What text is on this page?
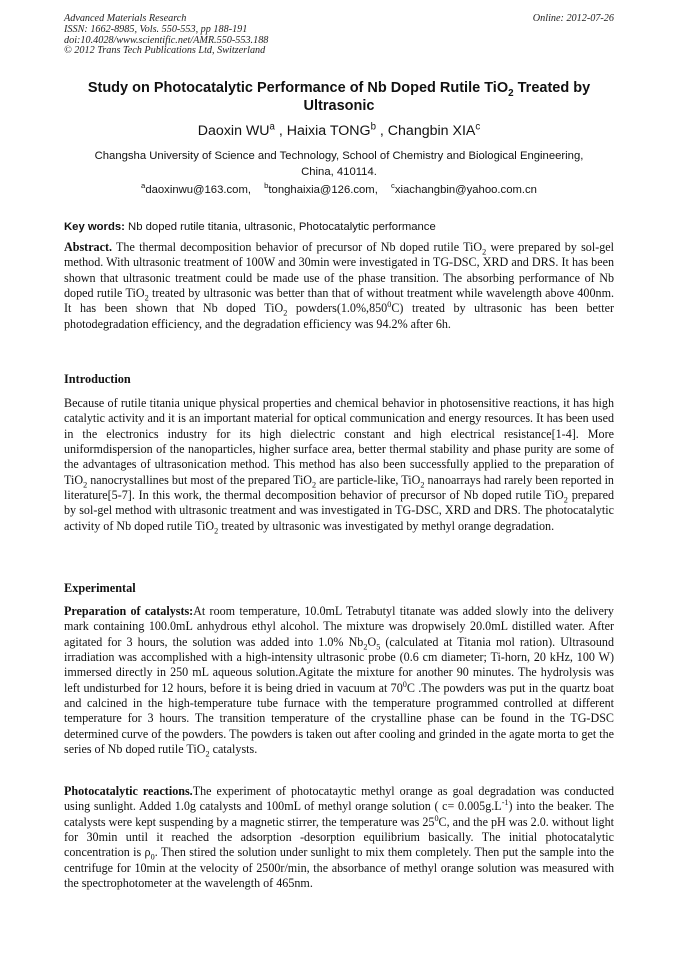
Advanced Materials Research
ISSN: 1662-8985, Vols. 550-553, pp 188-191
doi:10.4028/www.scientific.net/AMR.550-553.188
© 2012 Trans Tech Publications Ltd, Switzerland
Online: 2012-07-26
Study on Photocatalytic Performance of Nb Doped Rutile TiO$_2$ Treated by
Ultrasonic
Daoxin $WU^a$ , Haixia TONG$^b$ , Changbin XIA$^c$
Changsha University of Science and Technology, School of Chemistry and Biological Engineering,
China, 410114.
$^a$daoxinwu@163.com, $^b$tonghaixia@126.com, $^c$xiachangbin@yahoo.com.cn
Key words: Nb doped rutile titania, ultrasonic, Photocatalytic performance
Abstract. The thermal decomposition behavior of precursor of Nb doped rutile TiO$_2$ were prepared by sol-gel method. With ultrasonic treatment of 100W and 30min were investigated in TG-DSC, XRD and DRS. It has been shown that ultrasonic treatment could be made use of the phase transition. The absorbing performance of Nb doped rutile TiO$_2$ treated by ultrasonic was better than that of without treatment while wavelength above 400nm. It has been shown that Nb doped TiO$_2$ powders(1.0%,850$^0$C) treated by ultrasonic has been better photodegradation efficiency, and the degradation efficiency was 94.2% after 6h.
Introduction
Because of rutile titania unique physical properties and chemical behavior in photosensitive reactions, it has high catalytic activity and it is an important material for optical communication and energy resources. It has been used in the electronics industry for its high dielectric constant and high electrical resistance[1-4]. More uniformdispersion of the nanoparticles, higher surface area, better thermal stability and phase purity are some of the advantages of ultrasonication method. This method has also been successfully applied to the preparation of TiO$_2$ nanocrystallines but most of the prepared TiO$_2$ are particle-like, TiO$_2$ nanoarrays had rarely been reported in literature[5-7]. In this work, the thermal decomposition behavior of precursor of Nb doped rutile TiO$_2$ prepared by sol-gel method with ultrasonic treatment and was investigated in TG-DSC, XRD and DRS. The photocatalytic activity of Nb doped rutile TiO$_2$ treated by ultrasonic was investigated by methyl orange degradation.
Experimental
Preparation of catalysts:At room temperature, 10.0mL Tetrabutyl titanate was added slowly into the delivery mark containing 100.0mL anhydrous ethyl alcohol. The mixture was dropwisely 20.0mL distilled water. After agitated for 3 hours, the solution was added into 1.0% $Nb_2O_5$ (calculated at Titania mol ration). Ultrasound irradiation was accomplished with a high-intensity ultrasonic probe (0.6 cm diameter; Ti-horn, 20 kHz, 100 W) immersed directly in 250 mL aqueous solution.Agitate the mixture for another 90 minutes. The hydrolysis was left undisturbed for 12 hours, before it is being dried in vacuum at $70^0C$ .The powders was put in the quartz boat and calcined in the high-temperature tube furnace with the temperature programmed controlled at different temperature for 3 hours. The transition temperature of the crystalline phase can be found in the TG-DSC determined curve of the powders. The powders is taken out after cooling and grinded in the agate morta to get the series of Nb doped rutile TiO$_2$ catalysts.
Photocatalytic reactions.The experiment of photocataytic methyl orange as goal degradation was conducted using sunlight. Added 1.0g catalysts and 100mL of methyl orange solution ( $c= 0.005g.L^{-1}$) into the beaker. The catalysts were kept suspending by a magnetic stirrer, the temperature was $25^0C$, and the pH was 2.0. without light for 30min until it reached the adsorption -desorption equilibrium basically. The initial photocatalytic concentration is $\rho_0$. Then stired the solution under sunlight to mix them completely. Then put the sample into the centrifuge for 10min at the velocity of 2500r/min, the absorbance of methyl orange solution was measured with the spectrophotometer at the wavelength of 465nm.
